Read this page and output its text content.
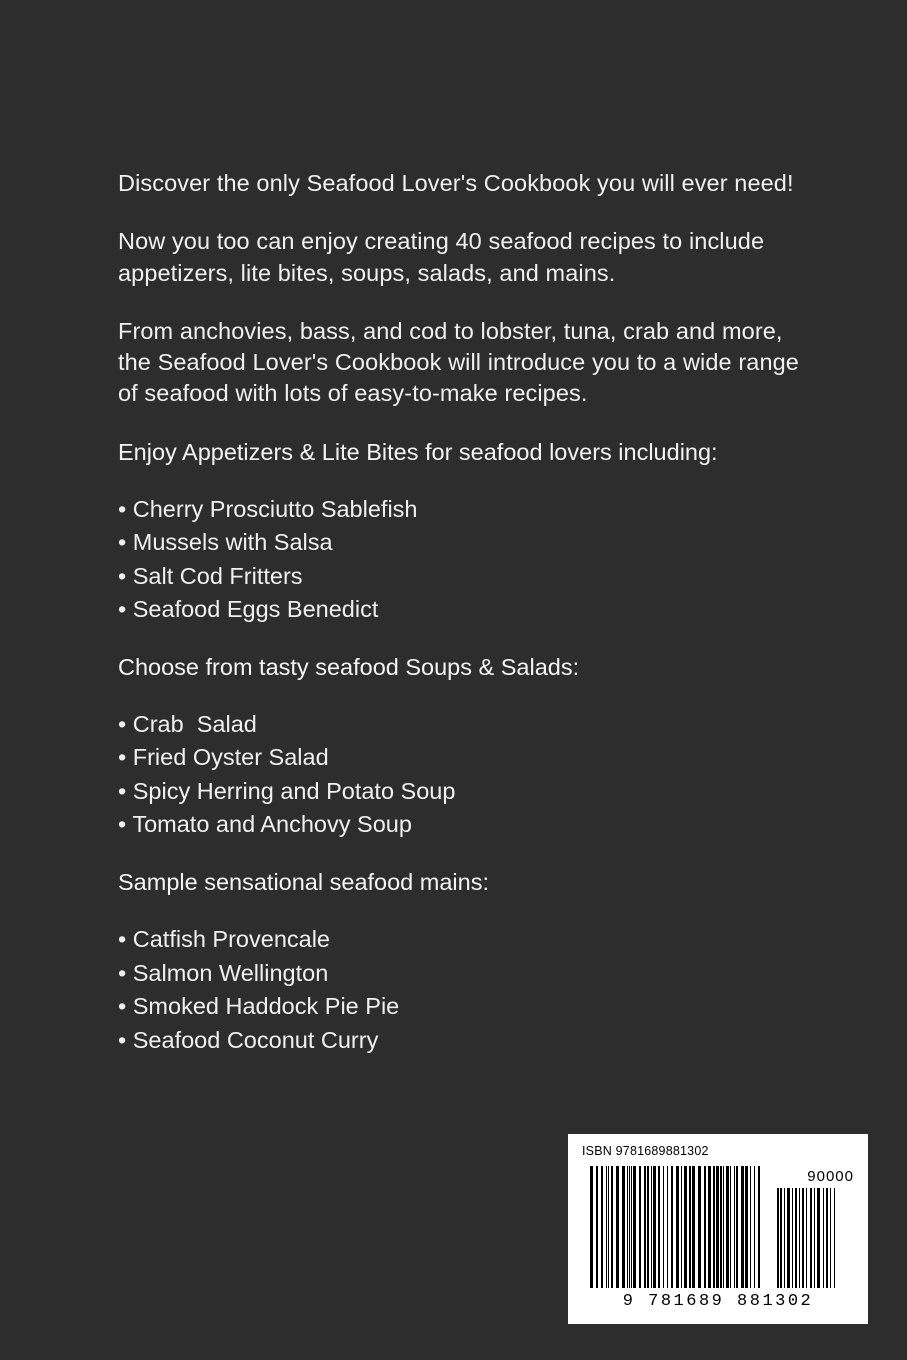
Discover the only Seafood Lover's Cookbook you will ever need!

Now you too can enjoy creating 40 seafood recipes to include appetizers, lite bites, soups, salads, and mains.

From anchovies, bass, and cod to lobster, tuna, crab and more, the Seafood Lover's Cookbook will introduce you to a wide range of seafood with lots of easy-to-make recipes.

Enjoy Appetizers & Lite Bites for seafood lovers including:

• Cherry Prosciutto Sablefish
• Mussels with Salsa
• Salt Cod Fritters
• Seafood Eggs Benedict

Choose from tasty seafood Soups & Salads:

• Crab  Salad
• Fried Oyster Salad
• Spicy Herring and Potato Soup
• Tomato and Anchovy Soup

Sample sensational seafood mains:

• Catfish Provencale
• Salmon Wellington
• Smoked Haddock Pie Pie
• Seafood Coconut Curry
ISBN 9781689881302
90000
9 781689 881302
